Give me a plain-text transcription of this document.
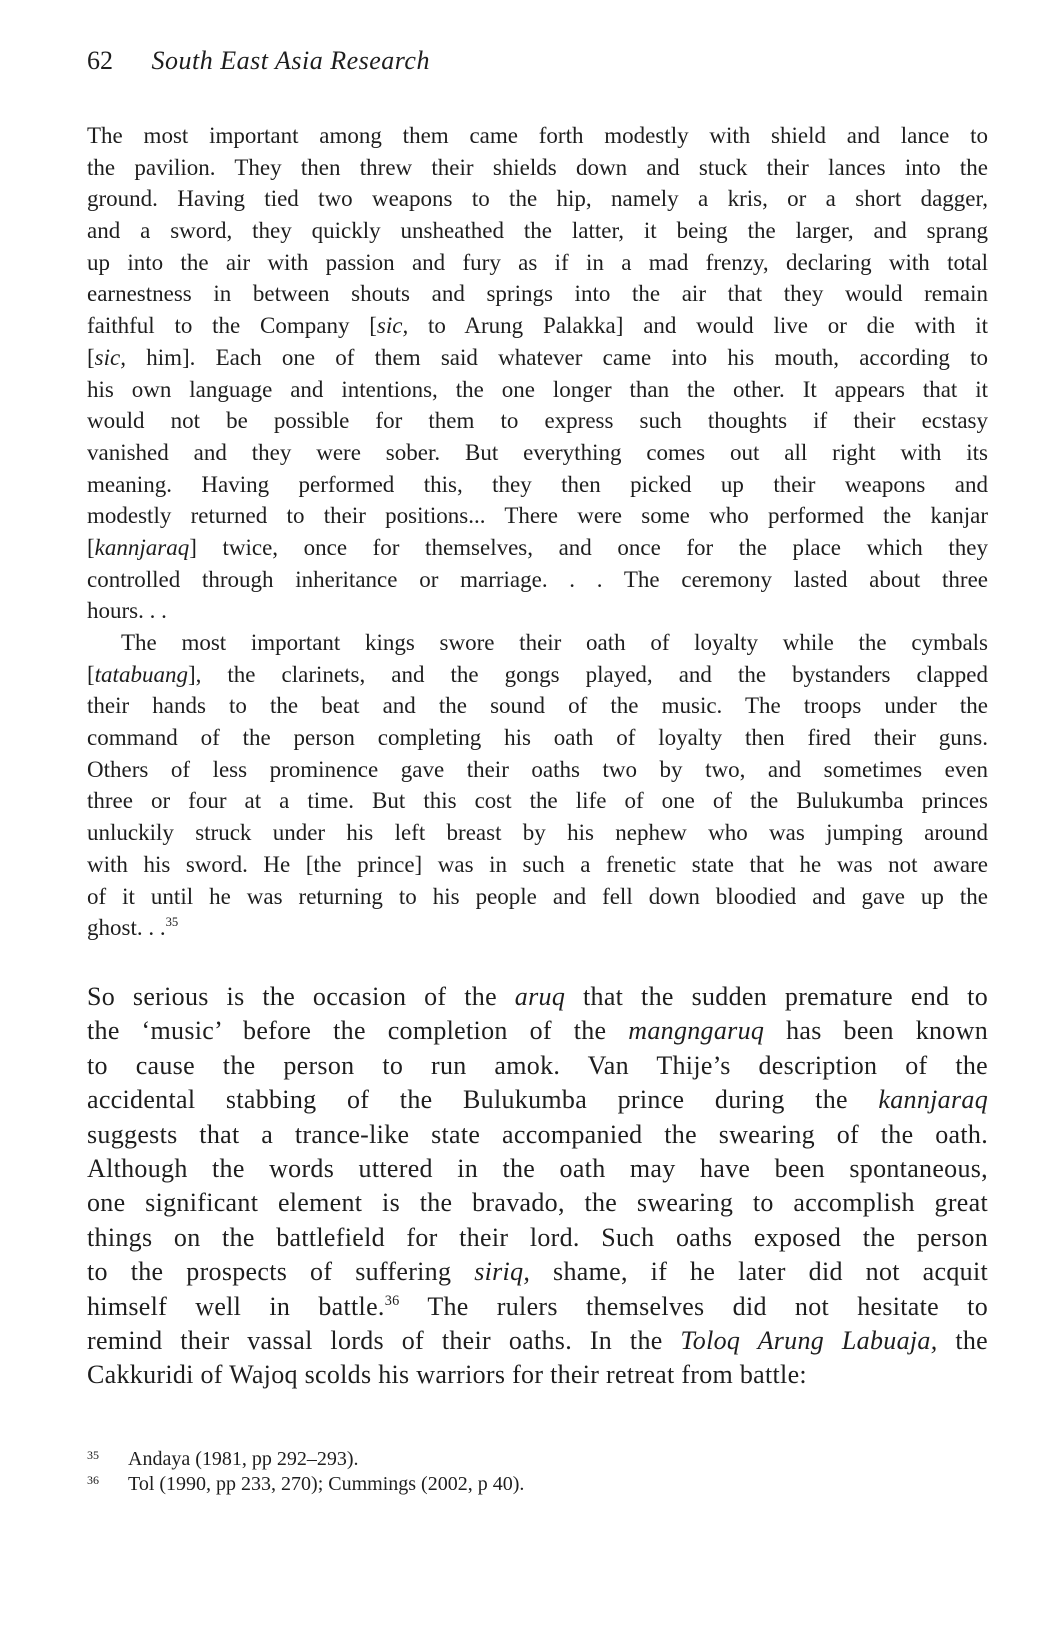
62 South East Asia Research
The most important among them came forth modestly with shield and lance to
the pavilion. They then threw their shields down and stuck their lances into the
ground. Having tied two weapons to the hip, namely a kris, or a short dagger,
and a sword, they quickly unsheathed the latter, it being the larger, and sprang
up into the air with passion and fury as if in a mad frenzy, declaring with total
earnestness in between shouts and springs into the air that they would remain
faithful to the Company [sic, to Arung Palakka] and would live or die with it
[sic, him]. Each one of them said whatever came into his mouth, according to
his own language and intentions, the one longer than the other. It appears that it
would not be possible for them to express such thoughts if their ecstasy
vanished and they were sober. But everything comes out all right with its
meaning. Having performed this, they then picked up their weapons and
modestly returned to their positions... There were some who performed the kanjar
[kannjaraq] twice, once for themselves, and once for the place which they
controlled through inheritance or marriage. . . The ceremony lasted about three
hours. . .
The most important kings swore their oath of loyalty while the cymbals
[tatabuang], the clarinets, and the gongs played, and the bystanders clapped
their hands to the beat and the sound of the music. The troops under the
command of the person completing his oath of loyalty then fired their guns.
Others of less prominence gave their oaths two by two, and sometimes even
three or four at a time. But this cost the life of one of the Bulukumba princes
unluckily struck under his left breast by his nephew who was jumping around
with his sword. He [the prince] was in such a frenetic state that he was not aware
of it until he was returning to his people and fell down bloodied and gave up the
ghost. . .$^{35}$
So serious is the occasion of the aruq that the sudden premature end to
the ‘music’ before the completion of the mangngaruq has been known
to cause the person to run amok. Van Thije’s description of the
accidental stabbing of the Bulukumba prince during the kannjaraq
suggests that a trance-like state accompanied the swearing of the oath.
Although the words uttered in the oath may have been spontaneous,
one significant element is the bravado, the swearing to accomplish great
things on the battlefield for their lord. Such oaths exposed the person
to the prospects of suffering siriq, shame, if he later did not acquit
himself well in battle.$^{36}$ The rulers themselves did not hesitate to
remind their vassal lords of their oaths. In the Toloq Arung Labuaja, the
Cakkuridi of Wajoq scolds his warriors for their retreat from battle:
35 Andaya (1981, pp 292–293).
36 Tol (1990, pp 233, 270); Cummings (2002, p 40).
